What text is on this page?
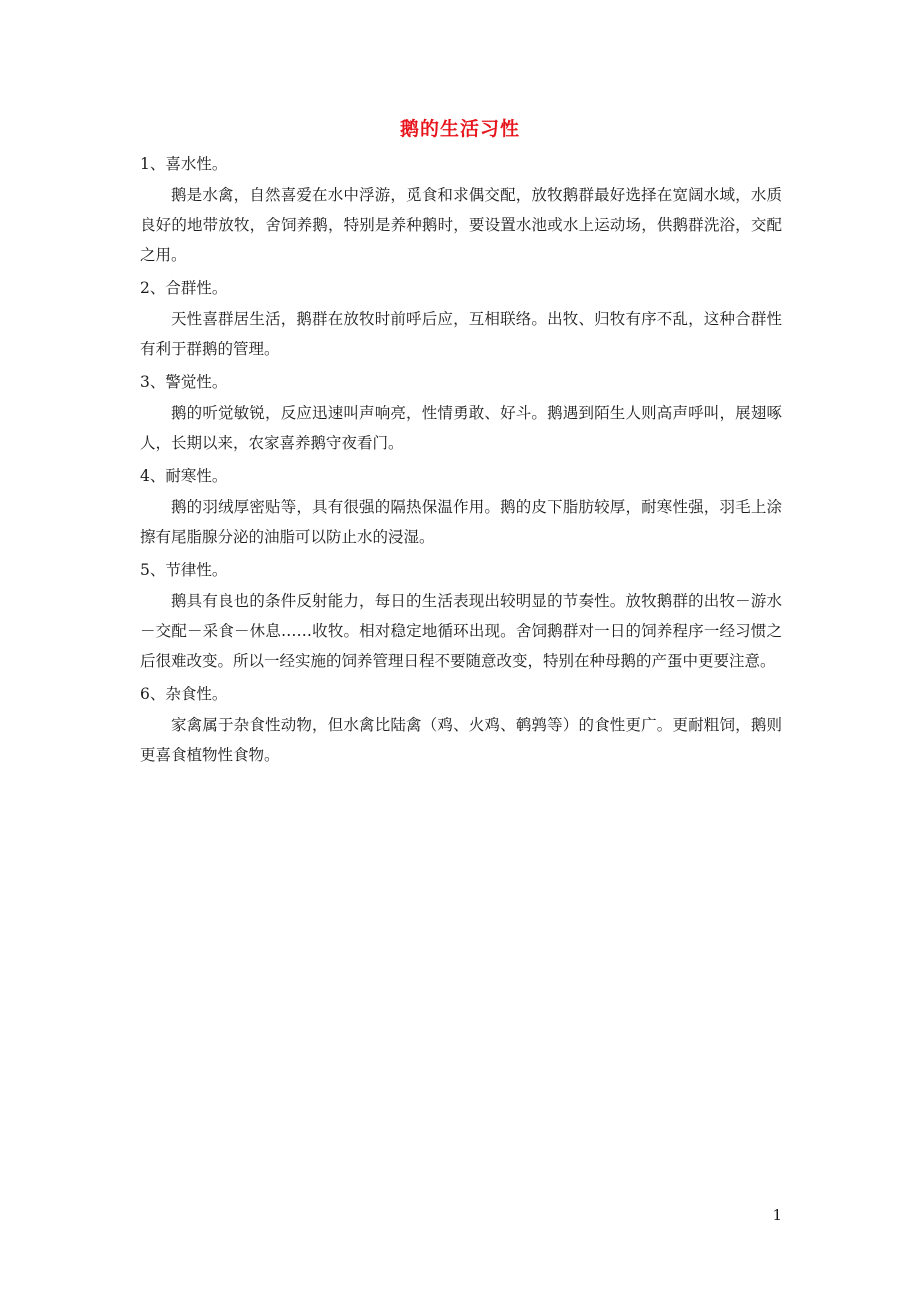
鹅的生活习性

1、喜水性。

鹅是水禽，自然喜爱在水中浮游，觅食和求偶交配，放牧鹅群最好选择在宽阔水域，水质良好的地带放牧，舍饲养鹅，特别是养种鹅时，要设置水池或水上运动场，供鹅群洗浴，交配之用。

2、合群性。

天性喜群居生活，鹅群在放牧时前呼后应，互相联络。出牧、归牧有序不乱，这种合群性有利于群鹅的管理。

3、警觉性。

鹅的听觉敏锐，反应迅速叫声响亮，性情勇敢、好斗。鹅遇到陌生人则高声呼叫，展翅啄人，长期以来，农家喜养鹅守夜看门。

4、耐寒性。

鹅的羽绒厚密贴等，具有很强的隔热保温作用。鹅的皮下脂肪较厚，耐寒性强，羽毛上涂擦有尾脂腺分泌的油脂可以防止水的浸湿。

5、节律性。

鹅具有良也的条件反射能力，每日的生活表现出较明显的节奏性。放牧鹅群的出牧－游水－交配－采食－休息……收牧。相对稳定地循环出现。舍饲鹅群对一日的饲养程序一经习惯之后很难改变。所以一经实施的饲养管理日程不要随意改变，特别在种母鹅的产蛋中更要注意。

6、杂食性。

家禽属于杂食性动物，但水禽比陆禽（鸡、火鸡、鹌鹑等）的食性更广。更耐粗饲，鹅则更喜食植物性食物。

1
